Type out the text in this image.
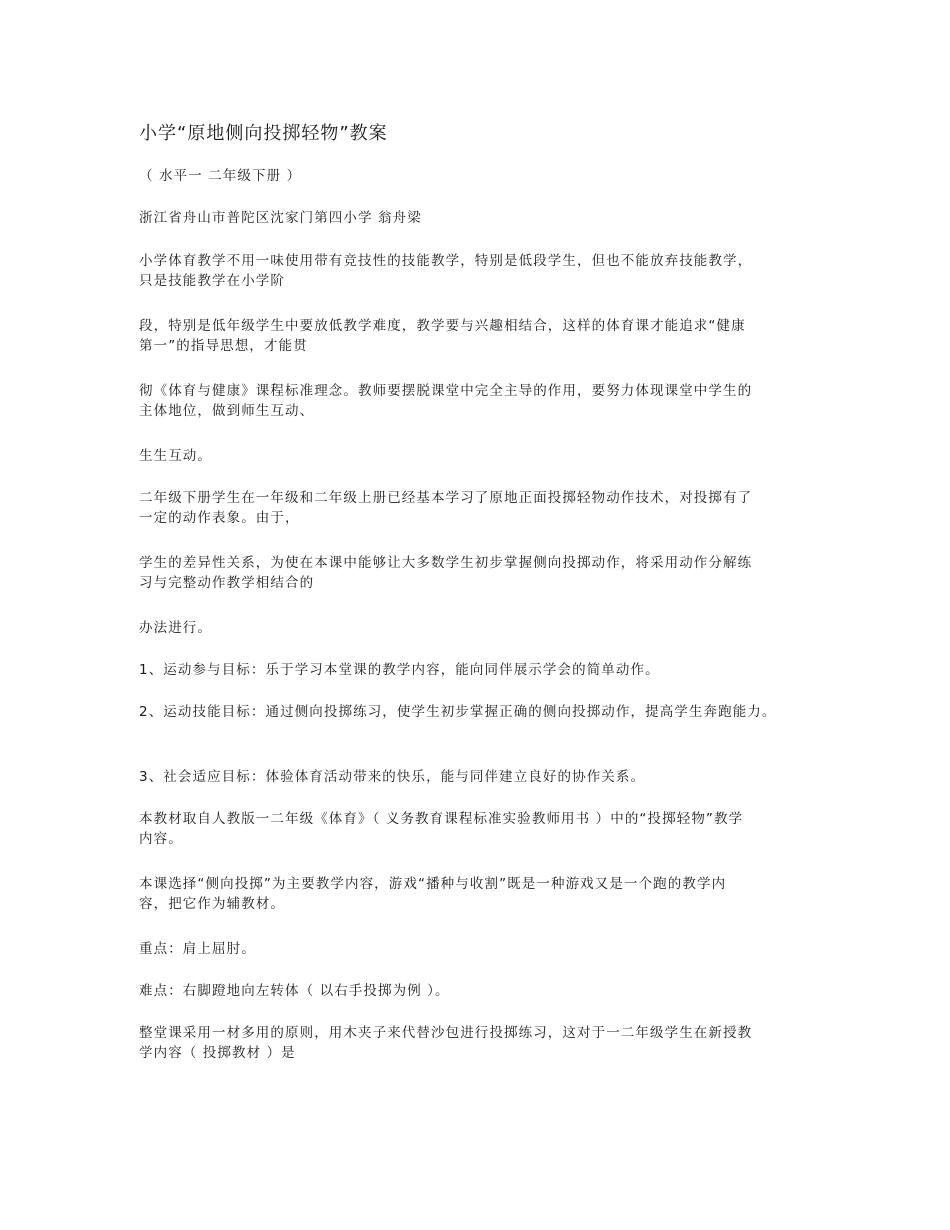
小学“原地侧向投掷轻物”教案

（ 水平一 二年级下册 ）

浙江省舟山市普陀区沈家门第四小学 翁舟梁

小学体育教学不用一味使用带有竞技性的技能教学，特别是低段学生，但也不能放弃技能教学，
只是技能教学在小学阶

段，特别是低年级学生中要放低教学难度，教学要与兴趣相结合，这样的体育课才能追求“健康
第一”的指导思想，才能贯

彻《体育与健康》课程标准理念。教师要摆脱课堂中完全主导的作用，要努力体现课堂中学生的
主体地位，做到师生互动、

生生互动。

二年级下册学生在一年级和二年级上册已经基本学习了原地正面投掷轻物动作技术，对投掷有了
一定的动作表象。由于，

学生的差异性关系，为使在本课中能够让大多数学生初步掌握侧向投掷动作，将采用动作分解练
习与完整动作教学相结合的

办法进行。

1、运动参与目标：乐于学习本堂课的教学内容，能向同伴展示学会的简单动作。

2、运动技能目标：通过侧向投掷练习，使学生初步掌握正确的侧向投掷动作，提高学生奔跑能力。

3、社会适应目标：体验体育活动带来的快乐，能与同伴建立良好的协作关系。

本教材取自人教版一二年级《体育》（ 义务教育课程标准实验教师用书 ）中的“投掷轻物”教学
内容。

本课选择“侧向投掷”为主要教学内容，游戏“播种与收割”既是一种游戏又是一个跑的教学内
容，把它作为辅教材。

重点：肩上屈肘。

难点：右脚蹬地向左转体（ 以右手投掷为例 ）。

整堂课采用一材多用的原则，用木夹子来代替沙包进行投掷练习，这对于一二年级学生在新授教
学内容（ 投掷教材 ）是
